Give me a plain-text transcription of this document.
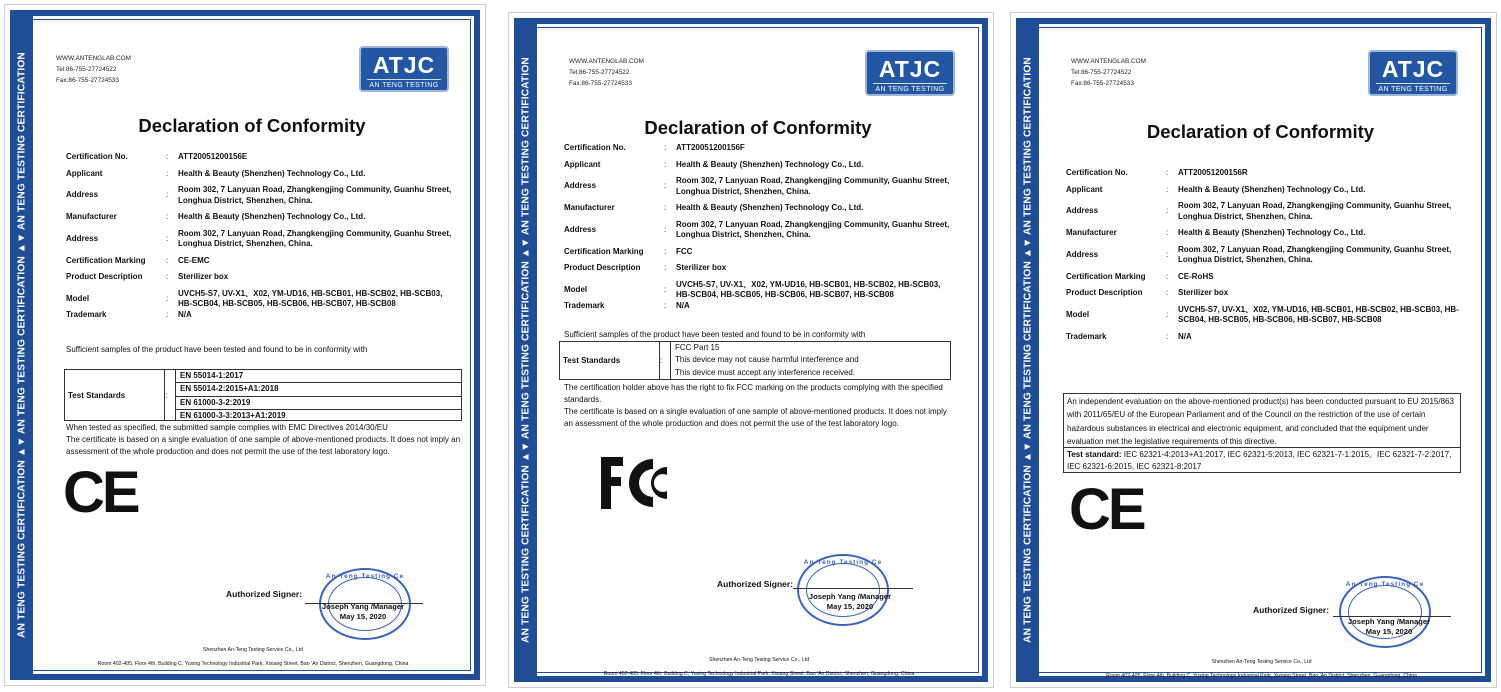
AN TENG TESTING CERTIFICATION ▲▼ AN TENG TESTING CERTIFICATION ▲▼ AN TENG TESTING CERTIFICATION	WWW.ANTENGLAB.COM
Tel:86-755-27724522
Fax:86-755-27724533
ATJC
AN TENG TESTING
Declaration of Conformity
Certification No.	:	ATT20051200156E
Applicant	:	Health & Beauty (Shenzhen) Technology Co., Ltd.
Address	:
Room 302, 7 Lanyuan Road, Zhangkengjing Community, Guanhu Street, Longhua District, Shenzhen, China.
Manufacturer	:	Health & Beauty (Shenzhen) Technology Co., Ltd.
Address	:
Room 302, 7 Lanyuan Road, Zhangkengjing Community, Guanhu Street, Longhua District, Shenzhen, China.
Certification Marking	:	CE-EMC
Product Description	:	Sterilizer box
Model	:
UVCH5-S7, UV-X1、X02, YM-UD16, HB-SCB01, HB-SCB02, HB-SCB03, HB-SCB04, HB-SCB05, HB-SCB06, HB-SCB07, HB-SCB08
Trademark	:	N/A
Sufficient samples of the product have been tested and found to be in conformity with
Test Standards	:
EN 55014-1:2017
EN 55014-2:2015+A1:2018
EN 61000-3-2:2019
EN 61000-3-3:2013+A1:2019
When tested as specified, the submitted sample complies with EMC Directives 2014/30/EU
The certificate is based on a single evaluation of one sample of above-mentioned products. It does not imply an assessment of the whole production and does not permit the use of the test laboratory logo.
CE
Authorized Signer:
An-Teng Testing Ce
Joseph Yang /Manager
May 15, 2020
Shenzhen An-Teng Testing Service Co., Ltd
Room 402-405, Floor 4th, Building C, Yuxing Technology Industrial Park, Xixiang Street, Bao 'An District, Shenzhen, Guangdong, China
AN TENG TESTING CERTIFICATION ▲▼ AN TENG TESTING CERTIFICATION ▲▼ AN TENG TESTING CERTIFICATION	WWW.ANTENGLAB.COM
Tel:86-755-27724522
Fax:86-755-27724533
ATJC
AN TENG TESTING
Declaration of Conformity
Certification No.	:	ATT20051200156F
Applicant	:	Health & Beauty (Shenzhen) Technology Co., Ltd.
Address	:
Room 302, 7 Lanyuan Road, Zhangkengjing Community, Guanhu Street, Longhua District, Shenzhen, China.
Manufacturer	:	Health & Beauty (Shenzhen) Technology Co., Ltd.
Address	:
Room 302, 7 Lanyuan Road, Zhangkengjing Community, Guanhu Street, Longhua District, Shenzhen, China.
Certification Marking	:	FCC
Product Description	:	Sterilizer box
Model	:
UVCH5-S7, UV-X1、X02, YM-UD16, HB-SCB01, HB-SCB02, HB-SCB03, HB-SCB04, HB-SCB05, HB-SCB06, HB-SCB07, HB-SCB08
Trademark	:	N/A
Sufficient samples of the product have been tested and found to be in conformity with
Test Standards	:
FCC Part 15
This device may not cause harmful interference and
This device must accept any interference received.
The certification holder above has the right to fix FCC marking on the products complying with the specified standards.
The certificate is based on a single evaluation of one sample of above-mentioned products. It does not imply an assessment of the whole production and does not permit the use of the test laboratory logo.
Authorized Signer:
An-Teng Testing Ce
Joseph Yang /Manager
May 15, 2020
Shenzhen An-Teng Testing Service Co., Ltd
Room 402-405, Floor 4th, Building C, Yuxing Technology Industrial Park, Xixiang Street, Bao 'An District, Shenzhen, Guangdong, China
AN TENG TESTING CERTIFICATION ▲▼ AN TENG TESTING CERTIFICATION ▲▼ AN TENG TESTING CERTIFICATION	WWW.ANTENGLAB.COM
Tel:86-755-27724522
Fax:86-755-27724533
ATJC
AN TENG TESTING
Declaration of Conformity
Certification No.	:	ATT20051200156R
Applicant	:	Health & Beauty (Shenzhen) Technology Co., Ltd.
Address	:
Room 302, 7 Lanyuan Road, Zhangkengjing Community, Guanhu Street, Longhua District, Shenzhen, China.
Manufacturer	:	Health & Beauty (Shenzhen) Technology Co., Ltd.
Address	:
Room 302, 7 Lanyuan Road, Zhangkengjing Community, Guanhu Street, Longhua District, Shenzhen, China.
Certification Marking	:	CE-RoHS
Product Description	:	Sterilizer box
Model	:
UVCH5-S7, UV-X1、X02, YM-UD16, HB-SCB01, HB-SCB02, HB-SCB03, HB-SCB04, HB-SCB05, HB-SCB06, HB-SCB07, HB-SCB08
Trademark	:	N/A
An independent evaluation on the above-mentioned product(s) has been conducted pursuant to EU 2015/863 with 2011/65/EU of the European Parliament and of the Council on the restriction of the use of certain hazardous substances in electrical and electronic equipment, and concluded that the equipment under evaluation met the legislative requirements of this directive.
Test standard: IEC 62321-4:2013+A1:2017, IEC 62321-5:2013, IEC 62321-7-1:2015、IEC 62321-7-2:2017, IEC 62321-6:2015, IEC 62321-8:2017
CE
Authorized Signer:
An-Teng Testing Ce
Joseph Yang /Manager
May 15, 2020
Shenzhen An-Teng Testing Service Co., Ltd
Room 402-405, Floor 4th, Building C, Yuxing Technology Industrial Park, Xixiang Street, Bao 'An District, Shenzhen, Guangdong, China
